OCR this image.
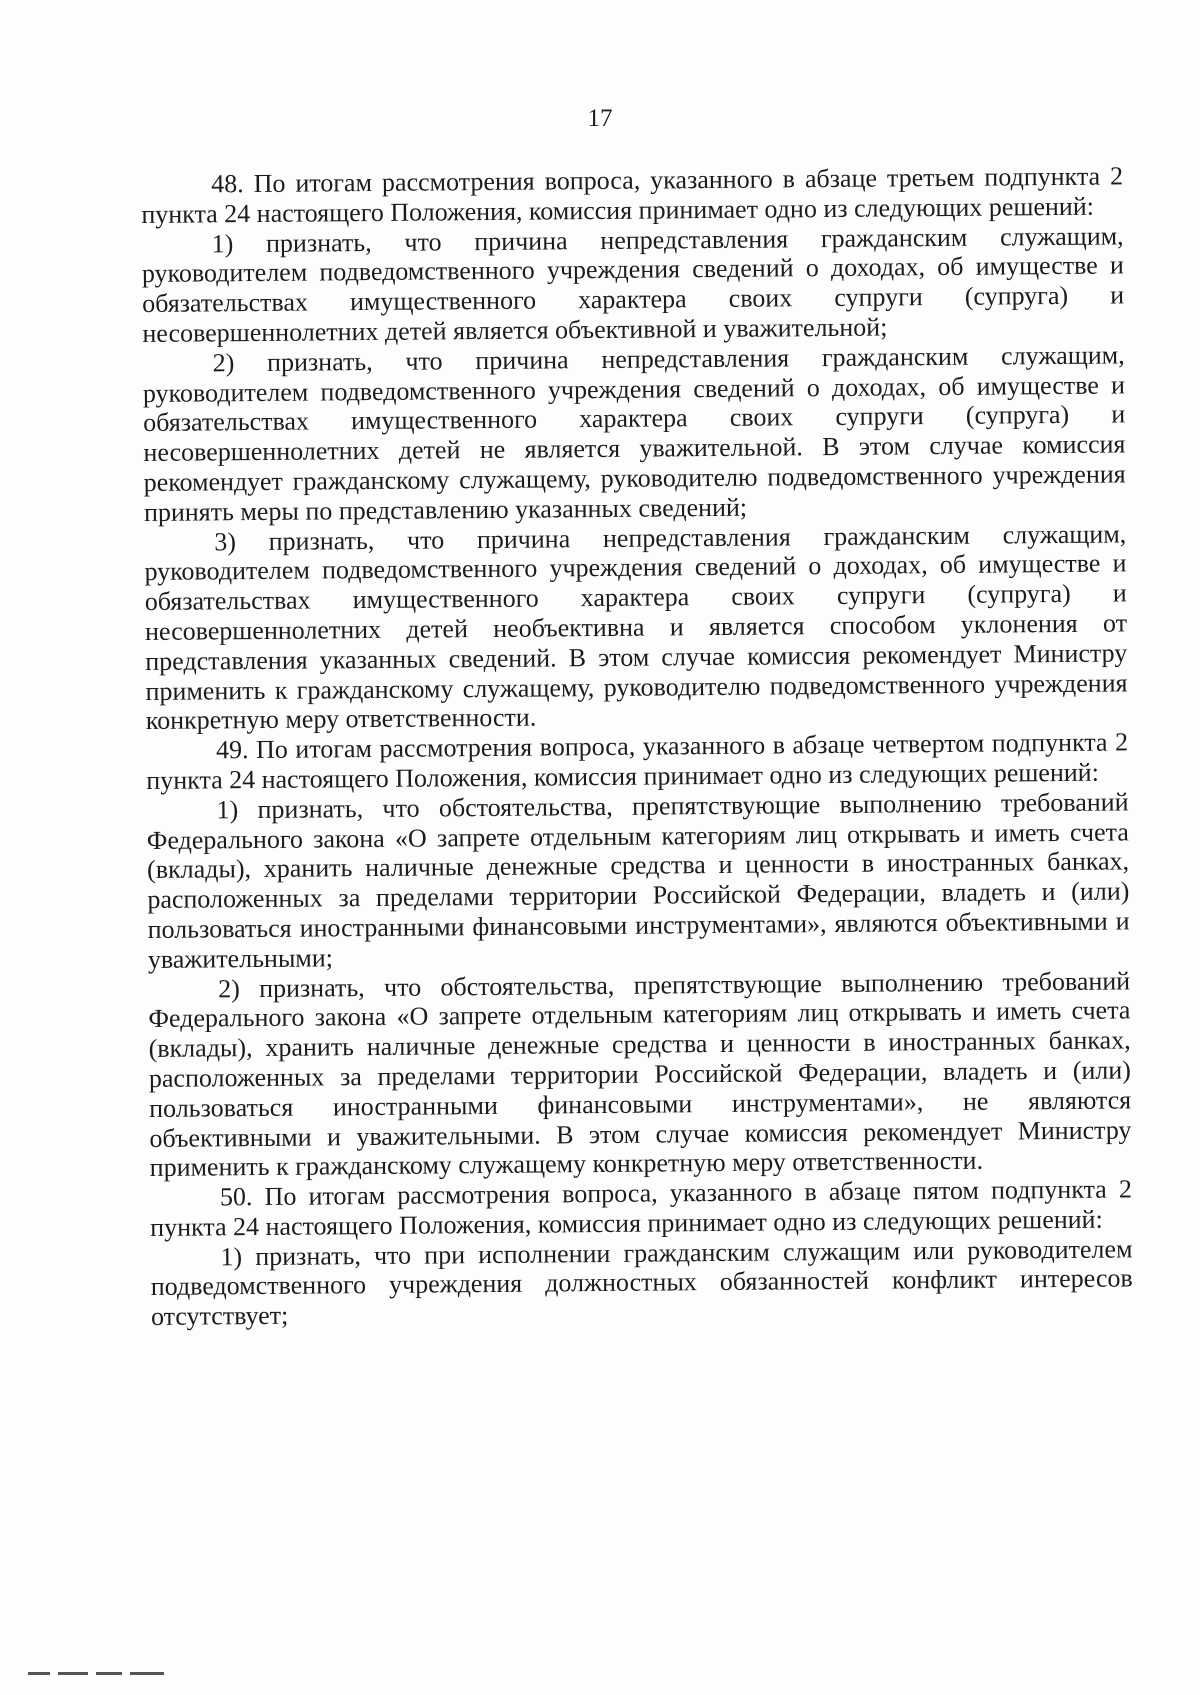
17

48. По итогам рассмотрения вопроса, указанного в абзаце третьем подпункта 2 пункта 24 настоящего Положения, комиссия принимает одно из следующих решений:

1) признать, что причина непредставления гражданским служащим, руководителем подведомственного учреждения сведений о доходах, об имуществе и обязательствах имущественного характера своих супруги (супруга) и несовершеннолетних детей является объективной и уважительной;

2) признать, что причина непредставления гражданским служащим, руководителем подведомственного учреждения сведений о доходах, об имуществе и обязательствах имущественного характера своих супруги (супруга) и несовершеннолетних детей не является уважительной. В этом случае комиссия рекомендует гражданскому служащему, руководителю подведомственного учреждения принять меры по представлению указанных сведений;

3) признать, что причина непредставления гражданским служащим, руководителем подведомственного учреждения сведений о доходах, об имуществе и обязательствах имущественного характера своих супруги (супруга) и несовершеннолетних детей необъективна и является способом уклонения от представления указанных сведений. В этом случае комиссия рекомендует Министру применить к гражданскому служащему, руководителю подведомственного учреждения конкретную меру ответственности.

49. По итогам рассмотрения вопроса, указанного в абзаце четвертом подпункта 2 пункта 24 настоящего Положения, комиссия принимает одно из следующих решений:

1) признать, что обстоятельства, препятствующие выполнению требований Федерального закона «О запрете отдельным категориям лиц открывать и иметь счета (вклады), хранить наличные денежные средства и ценности в иностранных банках, расположенных за пределами территории Российской Федерации, владеть и (или) пользоваться иностранными финансовыми инструментами», являются объективными и уважительными;

2) признать, что обстоятельства, препятствующие выполнению требований Федерального закона «О запрете отдельным категориям лиц открывать и иметь счета (вклады), хранить наличные денежные средства и ценности в иностранных банках, расположенных за пределами территории Российской Федерации, владеть и (или) пользоваться иностранными финансовыми инструментами», не являются объективными и уважительными. В этом случае комиссия рекомендует Министру применить к гражданскому служащему конкретную меру ответственности.

50. По итогам рассмотрения вопроса, указанного в абзаце пятом подпункта 2 пункта 24 настоящего Положения, комиссия принимает одно из следующих решений:

1) признать, что при исполнении гражданским служащим или руководителем подведомственного учреждения должностных обязанностей конфликт интересов отсутствует;
